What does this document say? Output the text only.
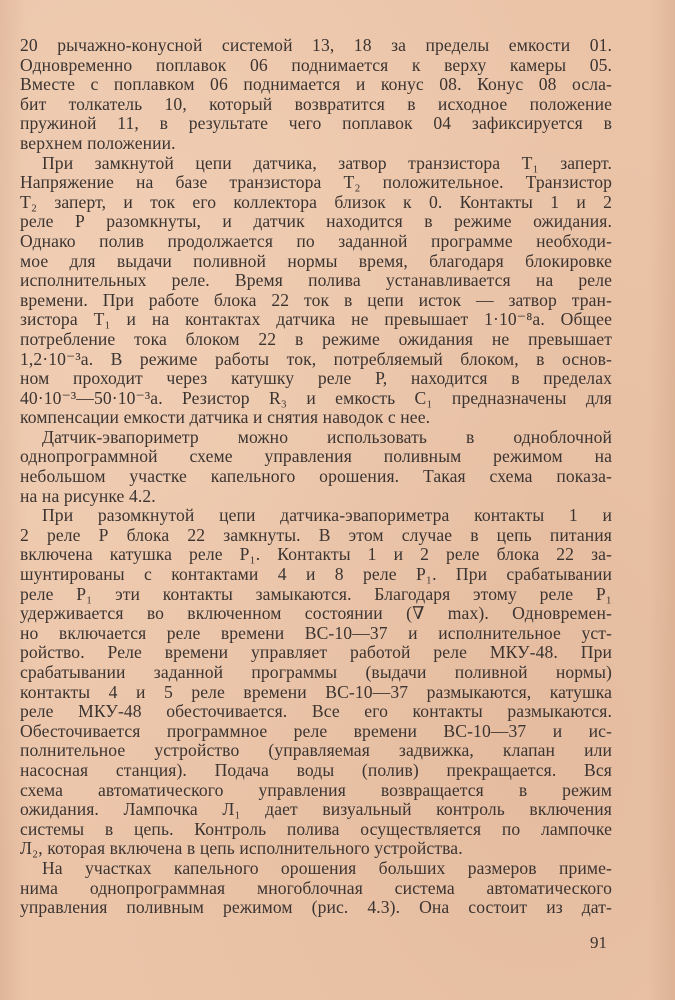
20 рычажно-конусной системой 13, 18 за пределы емкости 01.
Одновременно поплавок 06 поднимается к верху камеры 05.
Вместе с поплавком 06 поднимается и конус 08. Конус 08 осла-
бит толкатель 10, который возвратится в исходное положение
пружиной 11, в результате чего поплавок 04 зафиксируется в
верхнем положении.
При замкнутой цепи датчика, затвор транзистора Т₁ заперт.
Напряжение на базе транзистора Т₂ положительное. Транзистор
Т₂ заперт, и ток его коллектора близок к 0. Контакты 1 и 2
реле Р разомкнуты, и датчик находится в режиме ожидания.
Однако полив продолжается по заданной программе необходи-
мое для выдачи поливной нормы время, благодаря блокировке
исполнительных реле. Время полива устанавливается на реле
времени. При работе блока 22 ток в цепи исток — затвор тран-
зистора Т₁ и на контактах датчика не превышает 1·10⁻⁸а. Общее
потребление тока блоком 22 в режиме ожидания не превышает
1,2·10⁻³а. В режиме работы ток, потребляемый блоком, в основ-
ном проходит через катушку реле Р, находится в пределах
40·10⁻³—50·10⁻³а. Резистор R₃ и емкость С₁ предназначены для
компенсации емкости датчика и снятия наводок с нее.
Датчик-эвапориметр можно использовать в одноблочной
однопрограммной схеме управления поливным режимом на
небольшом участке капельного орошения. Такая схема показа-
на на рисунке 4.2.
При разомкнутой цепи датчика-эвапориметра контакты 1 и
2 реле Р блока 22 замкнуты. В этом случае в цепь питания
включена катушка реле Р₁. Контакты 1 и 2 реле блока 22 за-
шунтированы с контактами 4 и 8 реле Р₁. При срабатывании
реле Р₁ эти контакты замыкаются. Благодаря этому реле Р₁
удерживается во включенном состоянии (∇ max). Одновремен-
но включается реле времени ВС-10—37 и исполнительное уст-
ройство. Реле времени управляет работой реле МКУ-48. При
срабатывании заданной программы (выдачи поливной нормы)
контакты 4 и 5 реле времени ВС-10—37 размыкаются, катушка
реле МКУ-48 обесточивается. Все его контакты размыкаются.
Обесточивается программное реле времени ВС-10—37 и ис-
полнительное устройство (управляемая задвижка, клапан или
насосная станция). Подача воды (полив) прекращается. Вся
схема автоматического управления возвращается в режим
ожидания. Лампочка Л₁ дает визуальный контроль включения
системы в цепь. Контроль полива осуществляется по лампочке
Л₂, которая включена в цепь исполнительного устройства.
На участках капельного орошения больших размеров приме-
нима однопрограммная многоблочная система автоматического
управления поливным режимом (рис. 4.3). Она состоит из дат-
91
